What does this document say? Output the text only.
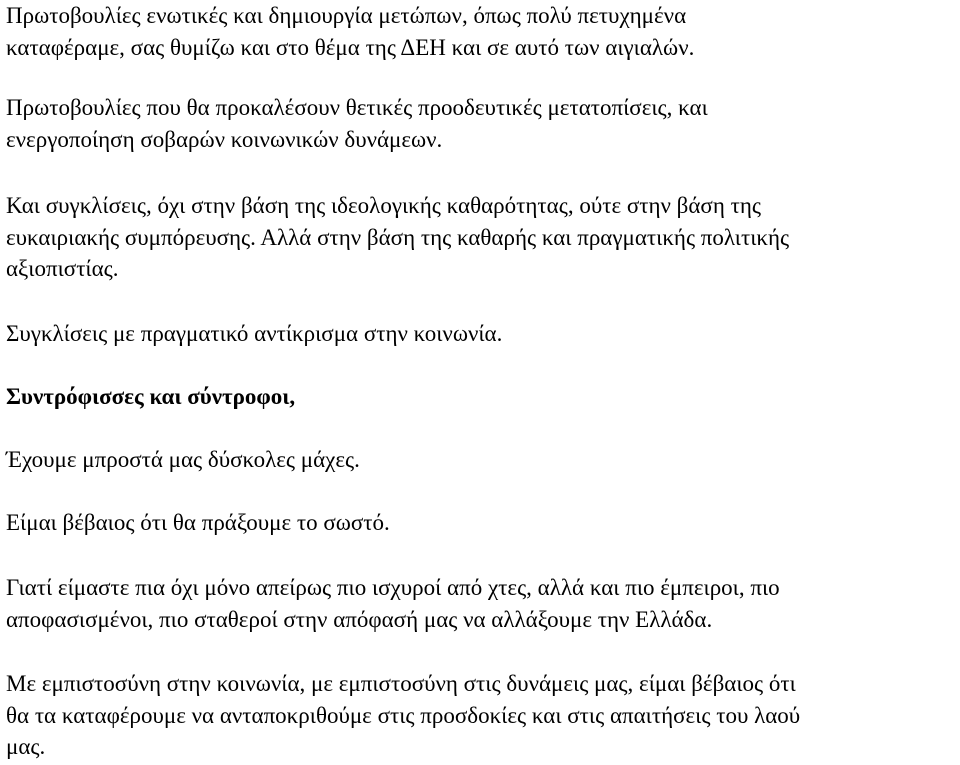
Πρωτοβουλίες ενωτικές και δημιουργία μετώπων, όπως πολύ πετυχημένα
καταφέραμε, σας θυμίζω και στο θέμα της ΔΕΗ και σε αυτό των αιγιαλών.

Πρωτοβουλίες που θα προκαλέσουν θετικές προοδευτικές μετατοπίσεις, και
ενεργοποίηση σοβαρών κοινωνικών δυνάμεων.

Και συγκλίσεις, όχι στην βάση της ιδεολογικής καθαρότητας, ούτε στην βάση της
ευκαιριακής συμπόρευσης. Αλλά στην βάση της καθαρής και πραγματικής πολιτικής
αξιοπιστίας.

Συγκλίσεις με πραγματικό αντίκρισμα στην κοινωνία.

Συντρόφισσες και σύντροφοι,

Έχουμε μπροστά μας δύσκολες μάχες.

Είμαι βέβαιος ότι θα πράξουμε το σωστό.

Γιατί είμαστε πια όχι μόνο απείρως πιο ισχυροί από χτες, αλλά και πιο έμπειροι, πιο
αποφασισμένοι, πιο σταθεροί στην απόφασή μας να αλλάξουμε την Ελλάδα.

Με εμπιστοσύνη στην κοινωνία, με εμπιστοσύνη στις δυνάμεις μας, είμαι βέβαιος ότι
θα τα καταφέρουμε να ανταποκριθούμε στις προσδοκίες και στις απαιτήσεις του λαού
μας.
